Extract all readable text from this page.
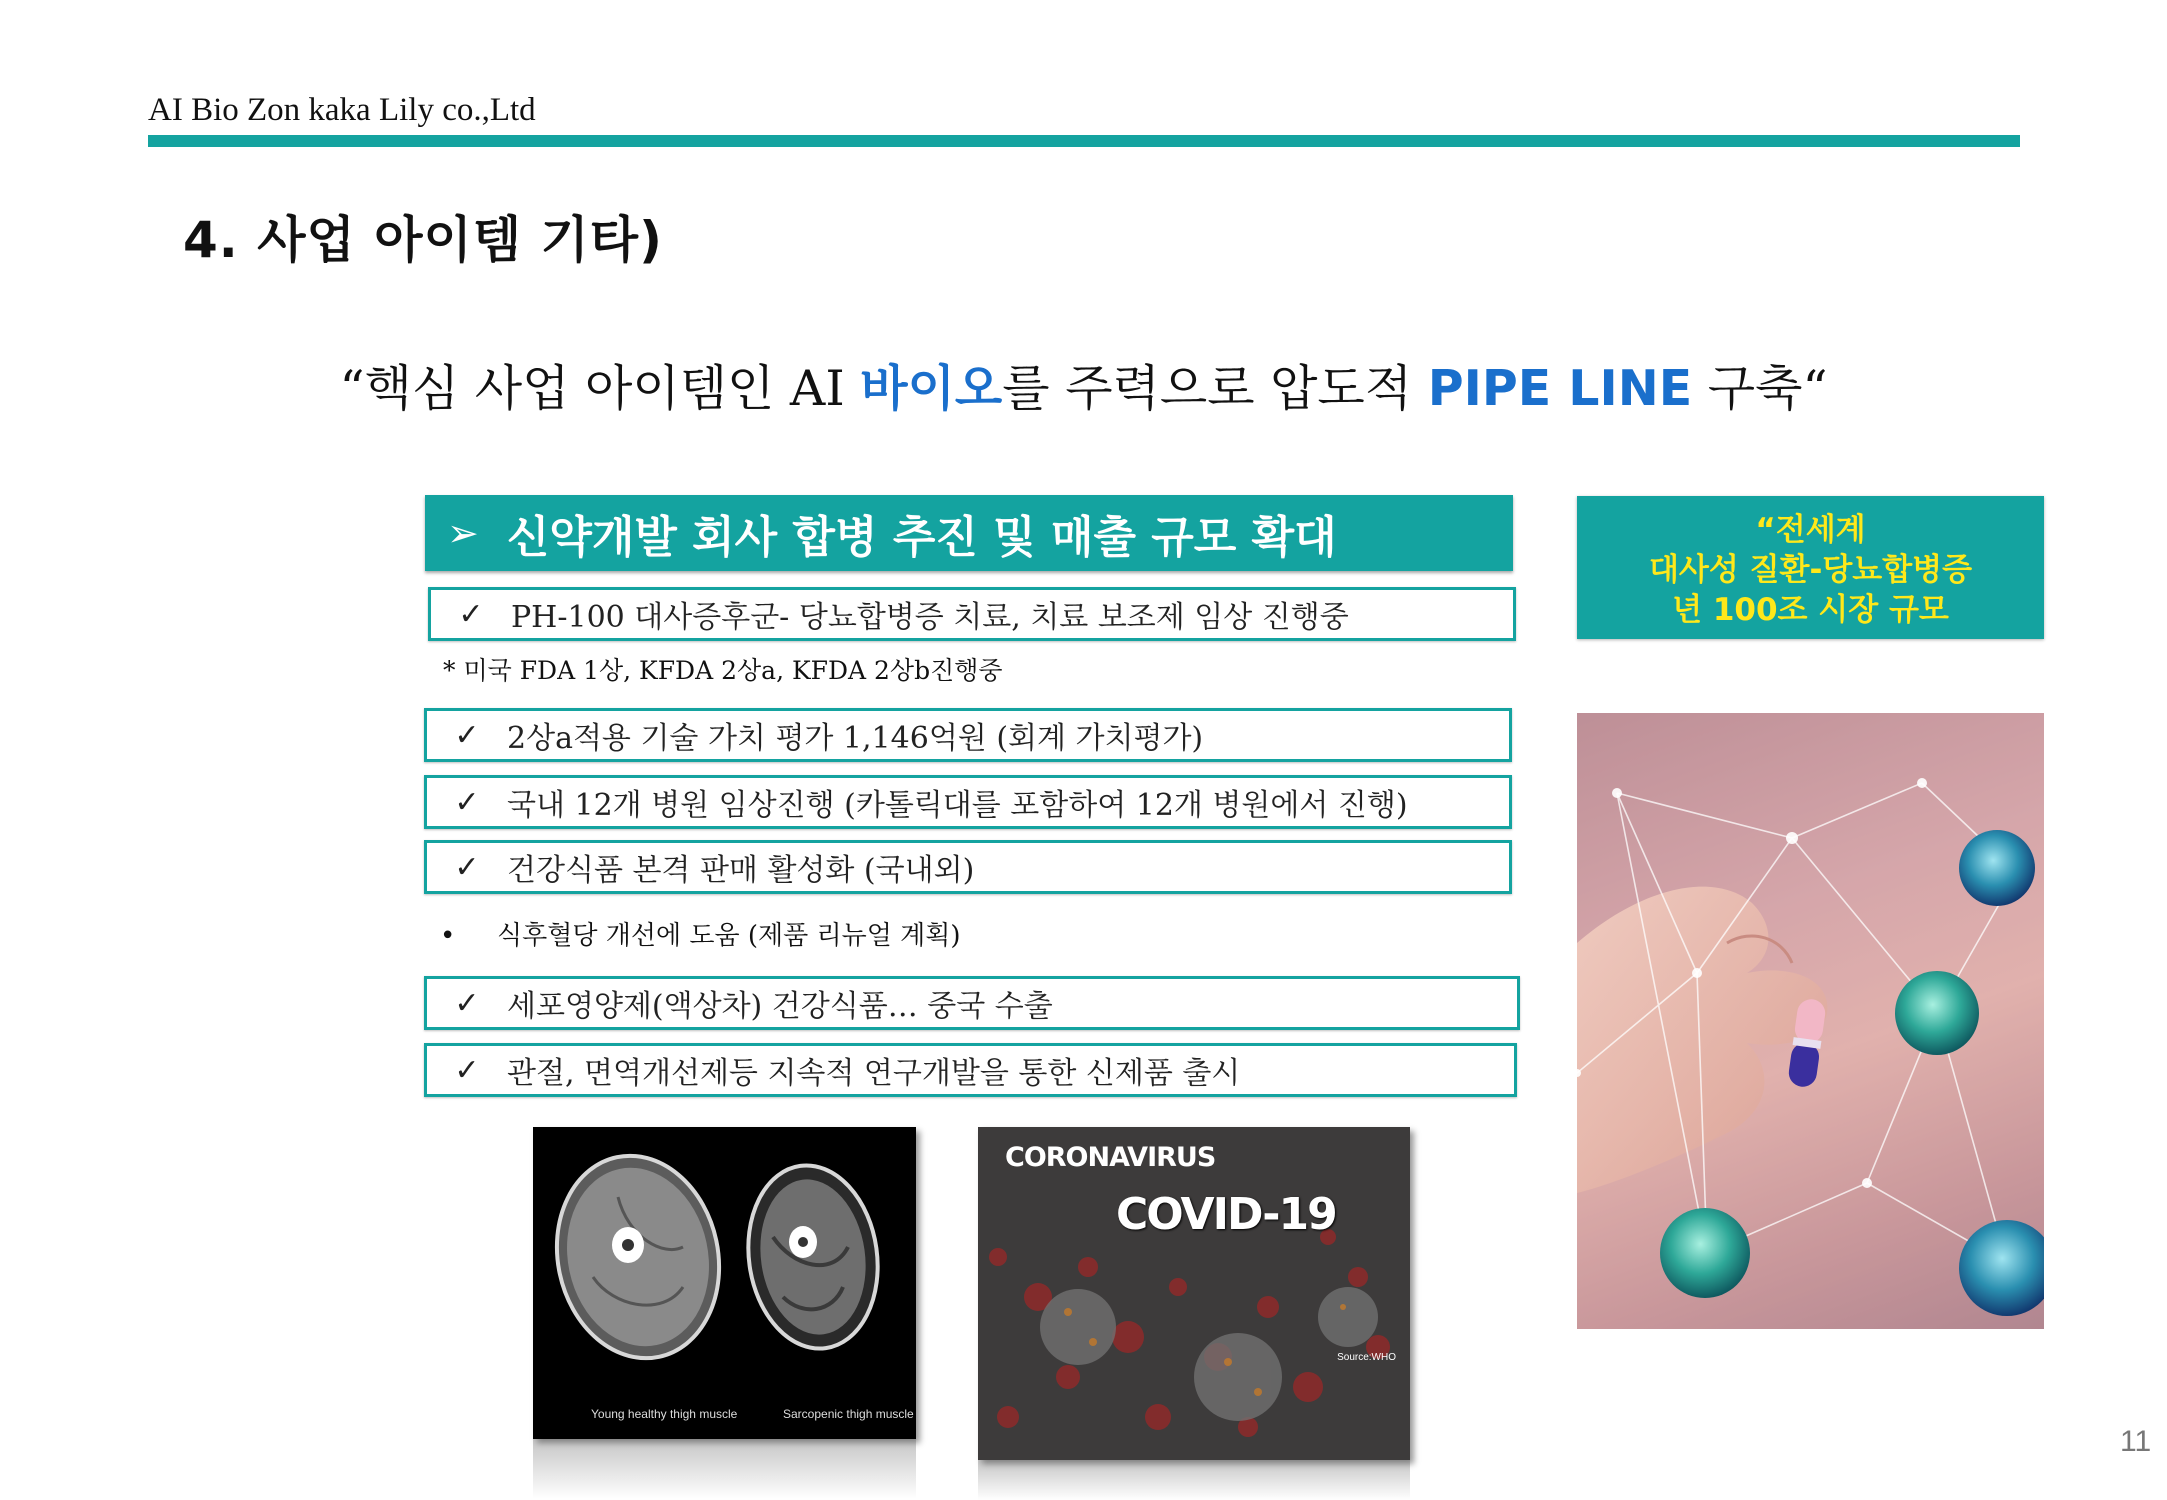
AI Bio Zon kaka Lily co.,Ltd
4. 사업 아이템 기타)
“핵심 사업 아이템인 AI 바이오를 주력으로 압도적 PIPE LINE 구축“
➢ 신약개발 회사 합병 추진 및 매출 규모 확대
✓ PH-100 대사증후군- 당뇨합병증 치료, 치료 보조제 임상 진행중
* 미국 FDA 1상, KFDA 2상a, KFDA 2상b진행중
✓ 2상a적용 기술 가치 평가 1,146억원 (회계 가치평가)
✓ 국내 12개 병원 임상진행 (카톨릭대를 포함하여 12개 병원에서 진행)
✓ 건강식품 본격 판매 활성화 (국내외)
• 식후혈당 개선에 도움 (제품 리뉴얼 계획)
✓ 세포영양제(액상차) 건강식품… 중국 수출
✓ 관절, 면역개선제등 지속적 연구개발을 통한 신제품 출시
“전세계
대사성 질환-당뇨합병증
년 100조 시장 규모
Young healthy thigh muscle	Sarcopenic thigh muscle
CORONAVIRUS
COVID-19
Source:WHO
11
